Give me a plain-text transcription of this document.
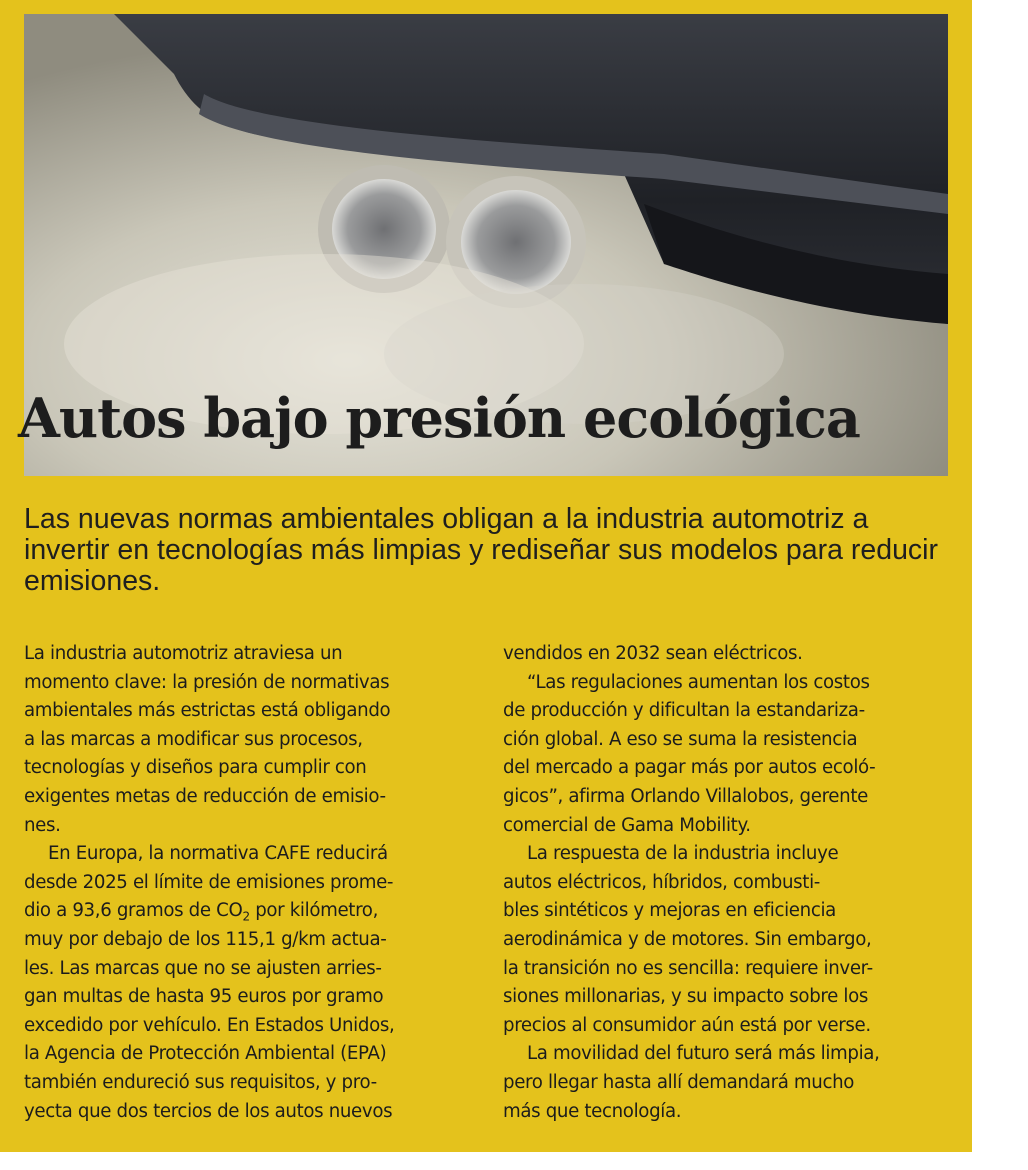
Autos bajo presión ecológica

Las nuevas normas ambientales obligan a la industria automotriz a invertir en tecnologías más limpias y rediseñar sus modelos para reducir emisiones.

La industria automotriz atraviesa un
momento clave: la presión de normativas
ambientales más estrictas está obligando
a las marcas a modificar sus procesos,
tecnologías y diseños para cumplir con
exigentes metas de reducción de emisio-
nes.
En Europa, la normativa CAFE reducirá
desde 2025 el límite de emisiones prome-
dio a 93,6 gramos de $CO_2$ por kilómetro,
muy por debajo de los 115,1 g/km actua-
les. Las marcas que no se ajusten arries-
gan multas de hasta 95 euros por gramo
excedido por vehículo. En Estados Unidos,
la Agencia de Protección Ambiental (EPA)
también endureció sus requisitos, y pro-
yecta que dos tercios de los autos nuevos
vendidos en 2032 sean eléctricos.
“Las regulaciones aumentan los costos
de producción y dificultan la estandariza-
ción global. A eso se suma la resistencia
del mercado a pagar más por autos ecoló-
gicos”, afirma Orlando Villalobos, gerente
comercial de Gama Mobility.
La respuesta de la industria incluye
autos eléctricos, híbridos, combusti-
bles sintéticos y mejoras en eficiencia
aerodinámica y de motores. Sin embargo,
la transición no es sencilla: requiere inver-
siones millonarias, y su impacto sobre los
precios al consumidor aún está por verse.
La movilidad del futuro será más limpia,
pero llegar hasta allí demandará mucho
más que tecnología.
